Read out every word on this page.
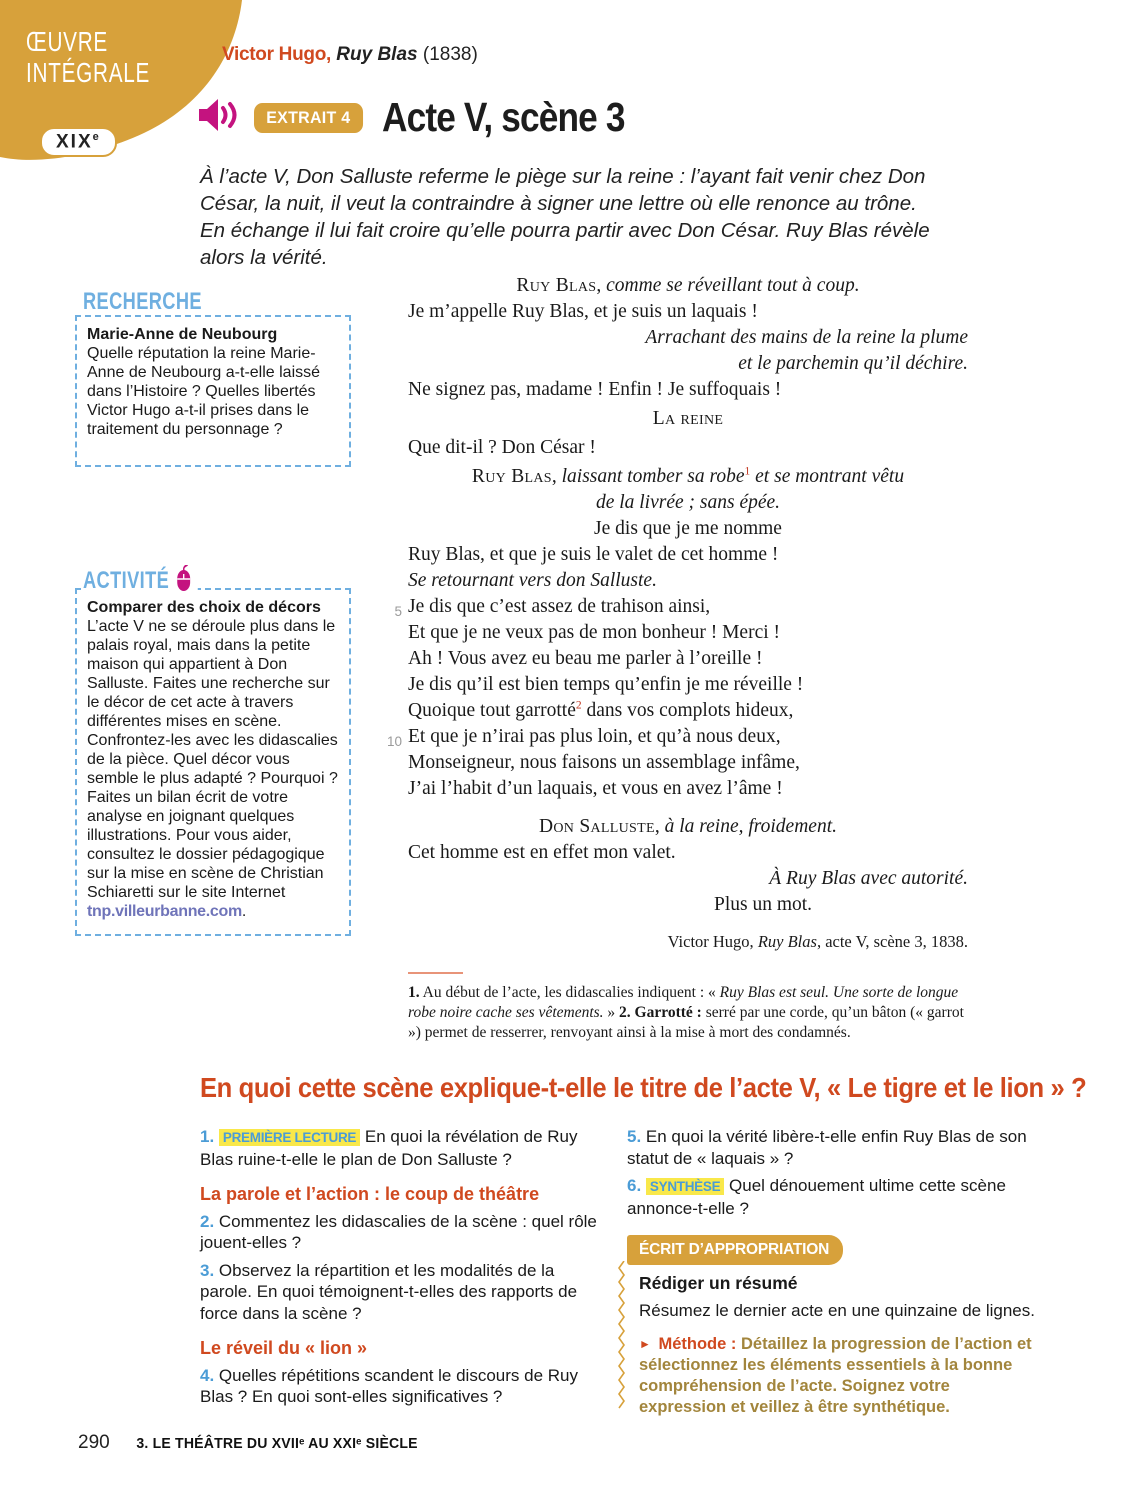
ŒUVRE
INTÉGRALE
XIXe
Victor Hugo, Ruy Blas (1838)
EXTRAIT 4 Acte V, scène 3
À l’acte V, Don Salluste referme le piège sur la reine : l’ayant fait venir chez Don César, la nuit, il veut la contraindre à signer une lettre où elle renonce au trône. En échange il lui fait croire qu’elle pourra partir avec Don César. Ruy Blas révèle alors la vérité.
RECHERCHE
Marie-Anne de Neubourg
Quelle réputation la reine Marie-Anne de Neubourg a-t-elle laissé dans l’Histoire ? Quelles libertés Victor Hugo a-t-il prises dans le traitement du personnage ?
ACTIVITÉ
Comparer des choix de décors
L’acte V ne se déroule plus dans le palais royal, mais dans la petite maison qui appartient à Don Salluste. Faites une recherche sur le décor de cet acte à travers différentes mises en scène. Confrontez-les avec les didascalies de la pièce. Quel décor vous semble le plus adapté ? Pourquoi ? Faites un bilan écrit de votre analyse en joignant quelques illustrations. Pour vous aider, consultez le dossier pédagogique sur la mise en scène de Christian Schiaretti sur le site Internet tnp.villeurbanne.com.
Ruy Blas, comme se réveillant tout à coup.
Je m’appelle Ruy Blas, et je suis un laquais !
Arrachant des mains de la reine la plume
et le parchemin qu’il déchire.
Ne signez pas, madame ! Enfin ! Je suffoquais !
La reine
Que dit-il ? Don César !
Ruy Blas, laissant tomber sa robe$^1$ et se montrant vêtu
de la livrée ; sans épée.
Je dis que je me nomme
Ruy Blas, et que je suis le valet de cet homme !
Se retournant vers don Salluste.
5 Je dis que c’est assez de trahison ainsi,
Et que je ne veux pas de mon bonheur ! Merci !
Ah ! Vous avez eu beau me parler à l’oreille !
Je dis qu’il est bien temps qu’enfin je me réveille !
Quoique tout garrotté$^2$ dans vos complots hideux,
10 Et que je n’irai pas plus loin, et qu’à nous deux,
Monseigneur, nous faisons un assemblage infâme,
J’ai l’habit d’un laquais, et vous en avez l’âme !
Don Salluste, à la reine, froidement.
Cet homme est en effet mon valet.
À Ruy Blas avec autorité.
Plus un mot.
Victor Hugo, Ruy Blas, acte V, scène 3, 1838.
1. Au début de l’acte, les didascalies indiquent : « Ruy Blas est seul. Une sorte de longue robe noire cache ses vêtements. » 2. Garrotté : serré par une corde, qu’un bâton (« garrot ») permet de resserrer, renvoyant ainsi à la mise à mort des condamnés.
En quoi cette scène explique-t-elle le titre de l’acte V, « Le tigre et le lion » ?
1. PREMIÈRE LECTURE En quoi la révélation de Ruy Blas ruine-t-elle le plan de Don Salluste ?
La parole et l’action : le coup de théâtre
2. Commentez les didascalies de la scène : quel rôle jouent-elles ?
3. Observez la répartition et les modalités de la parole. En quoi témoignent-t-elles des rapports de force dans la scène ?
Le réveil du « lion »
4. Quelles répétitions scandent le discours de Ruy Blas ? En quoi sont-elles significatives ?
5. En quoi la vérité libère-t-elle enfin Ruy Blas de son statut de « laquais » ?
6. SYNTHÈSE Quel dénouement ultime cette scène annonce-t-elle ?
ÉCRIT D’APPROPRIATION
Rédiger un résumé
Résumez le dernier acte en une quinzaine de lignes.
► Méthode : Détaillez la progression de l’action et sélectionnez les éléments essentiels à la bonne compréhension de l’acte. Soignez votre expression et veillez à être synthétique.
290 3. LE THÉÂTRE DU XVIIᵉ AU XXIᵉ SIÈCLE
